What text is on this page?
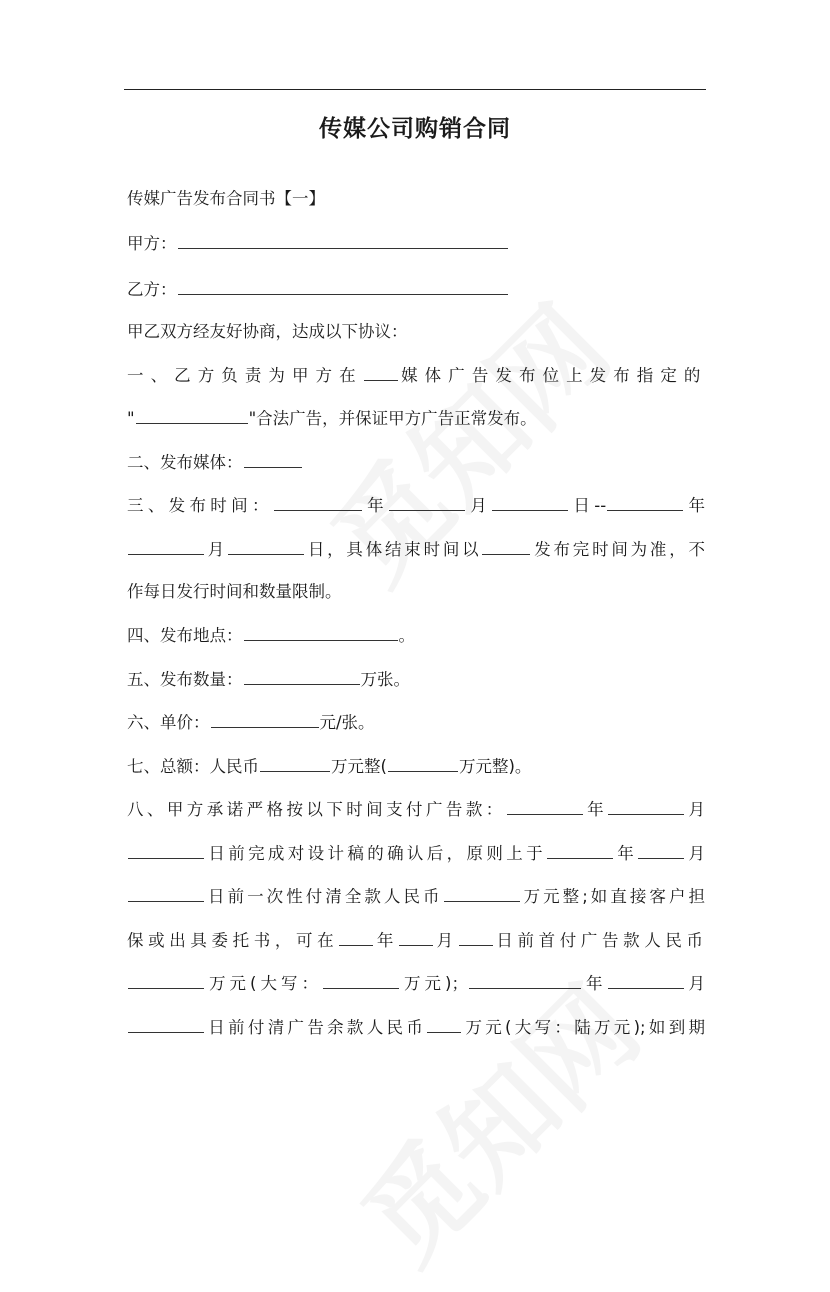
传媒公司购销合同
传媒广告发布合同书【一】
甲方：
乙方：
甲乙双方经友好协商，达成以下协议：
一、乙方负责为甲方在 媒体广告发布位上发布指定的
"	"合法广告，并保证甲方广告正常发布。
二、发布媒体：
三、发布时间：	年	月	日--	年
月	日，具体结束时间以	发布完时间为准，不
作每日发行时间和数量限制。
四、发布地点：	。
五、发布数量：	万张。
六、单价：	元/张。
七、总额：人民币	万元整(	万元整)。
八、甲方承诺严格按以下时间支付广告款：	年	月
日前完成对设计稿的确认后，原则上于	年	月
日前一次性付清全款人民币	万元整;如直接客户担
保或出具委托书，可在 年 月 日前首付广告款人民币
万元(大写：	万元)；	年	月
日前付清广告余款人民币 万元(大写：陆万元);如到期
